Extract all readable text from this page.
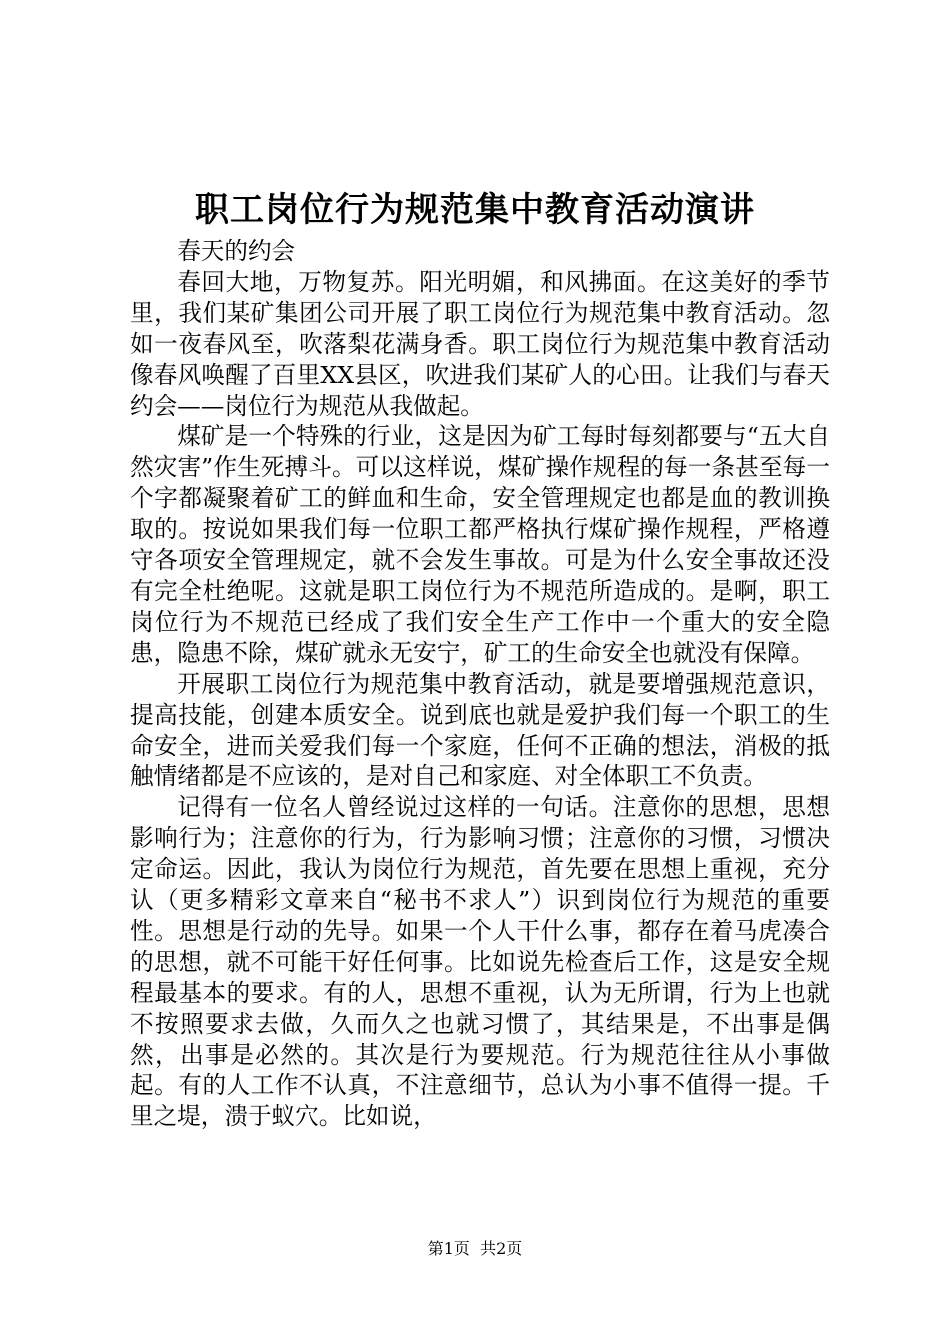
职工岗位行为规范集中教育活动演讲

春天的约会

春回大地，万物复苏。阳光明媚，和风拂面。在这美好的季节里，我们某矿集团公司开展了职工岗位行为规范集中教育活动。忽如一夜春风至，吹落梨花满身香。职工岗位行为规范集中教育活动像春风唤醒了百里XX县区，吹进我们某矿人的心田。让我们与春天约会——岗位行为规范从我做起。

煤矿是一个特殊的行业，这是因为矿工每时每刻都要与“五大自然灾害”作生死搏斗。可以这样说，煤矿操作规程的每一条甚至每一个字都凝聚着矿工的鲜血和生命，安全管理规定也都是血的教训换取的。按说如果我们每一位职工都严格执行煤矿操作规程，严格遵守各项安全管理规定，就不会发生事故。可是为什么安全事故还没有完全杜绝呢。这就是职工岗位行为不规范所造成的。是啊，职工岗位行为不规范已经成了我们安全生产工作中一个重大的安全隐患，隐患不除，煤矿就永无安宁，矿工的生命安全也就没有保障。

开展职工岗位行为规范集中教育活动，就是要增强规范意识，提高技能，创建本质安全。说到底也就是爱护我们每一个职工的生命安全，进而关爱我们每一个家庭，任何不正确的想法，消极的抵触情绪都是不应该的，是对自己和家庭、对全体职工不负责。

记得有一位名人曾经说过这样的一句话。注意你的思想，思想影响行为；注意你的行为，行为影响习惯；注意你的习惯，习惯决定命运。因此，我认为岗位行为规范，首先要在思想上重视，充分认（更多精彩文章来自“秘书不求人”）识到岗位行为规范的重要性。思想是行动的先导。如果一个人干什么事，都存在着马虎凑合的思想，就不可能干好任何事。比如说先检查后工作，这是安全规程最基本的要求。有的人，思想不重视，认为无所谓，行为上也就不按照要求去做，久而久之也就习惯了，其结果是，不出事是偶然，出事是必然的。其次是行为要规范。行为规范往往从小事做起。有的人工作不认真，不注意细节，总认为小事不值得一提。千里之堤，溃于蚁穴。比如说，

第1页 共2页
